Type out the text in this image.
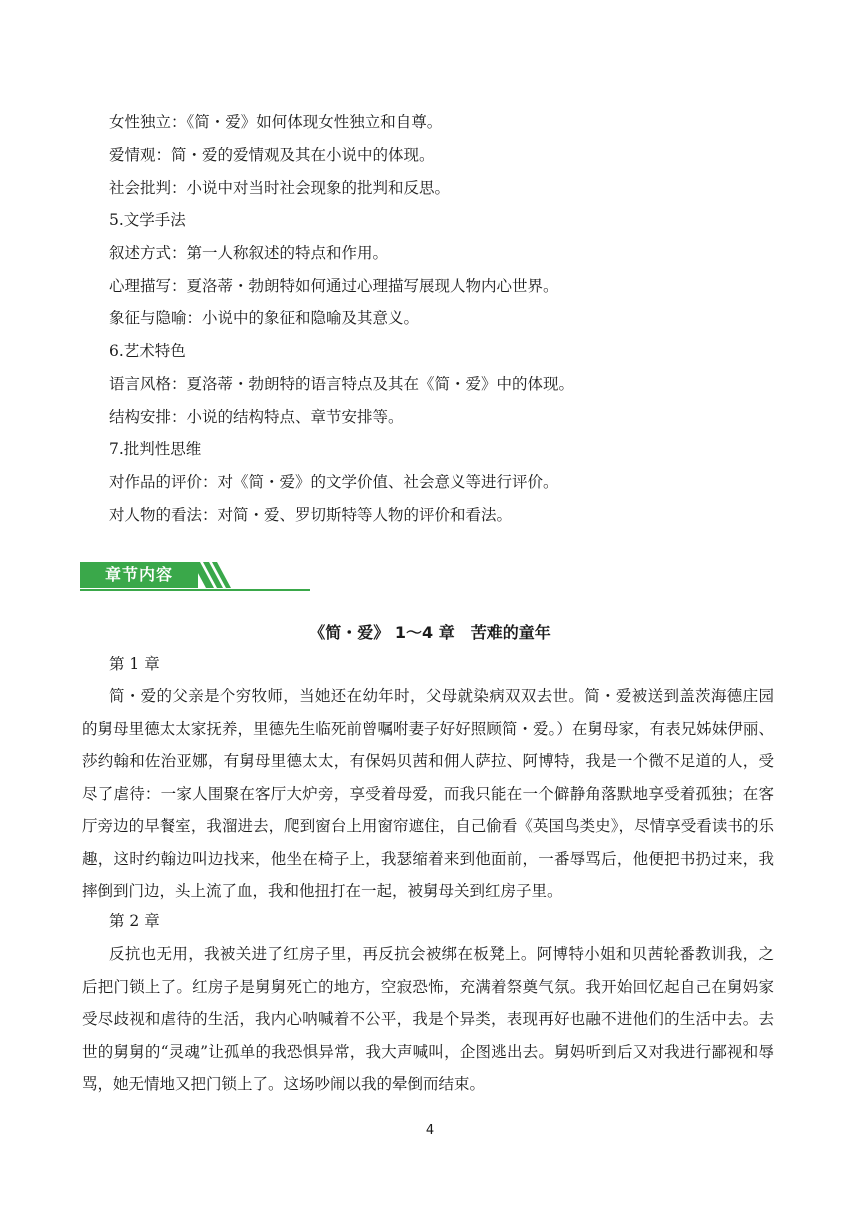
女性独立：《简・爱》如何体现女性独立和自尊。
爱情观：简・爱的爱情观及其在小说中的体现。
社会批判：小说中对当时社会现象的批判和反思。
5.文学手法
叙述方式：第一人称叙述的特点和作用。
心理描写：夏洛蒂・勃朗特如何通过心理描写展现人物内心世界。
象征与隐喻：小说中的象征和隐喻及其意义。
6.艺术特色
语言风格：夏洛蒂・勃朗特的语言特点及其在《简・爱》中的体现。
结构安排：小说的结构特点、章节安排等。
7.批判性思维
对作品的评价：对《简・爱》的文学价值、社会意义等进行评价。
对人物的看法：对简・爱、罗切斯特等人物的评价和看法。
章节内容
《简・爱》 1～4 章　苦难的童年
第 1 章
简・爱的父亲是个穷牧师，当她还在幼年时，父母就染病双双去世。简・爱被送到盖茨海德庄园的舅母里德太太家抚养，里德先生临死前曾嘱咐妻子好好照顾简・爱。）在舅母家，有表兄姊妹伊丽、莎约翰和佐治亚娜，有舅母里德太太，有保妈贝茜和佣人萨拉、阿博特，我是一个微不足道的人，受尽了虐待：一家人围聚在客厅大炉旁，享受着母爱，而我只能在一个僻静角落默地享受着孤独；在客厅旁边的早餐室，我溜进去，爬到窗台上用窗帘遮住，自己偷看《英国鸟类史》，尽情享受看读书的乐趣，这时约翰边叫边找来，他坐在椅子上，我瑟缩着来到他面前，一番辱骂后，他便把书扔过来，我摔倒到门边，头上流了血，我和他扭打在一起，被舅母关到红房子里。
第 2 章
反抗也无用，我被关进了红房子里，再反抗会被绑在板凳上。阿博特小姐和贝茜轮番教训我，之后把门锁上了。红房子是舅舅死亡的地方，空寂恐怖，充满着祭奠气氛。我开始回忆起自己在舅妈家受尽歧视和虐待的生活，我内心呐喊着不公平，我是个异类，表现再好也融不进他们的生活中去。去世的舅舅的“灵魂”让孤单的我恐惧异常，我大声喊叫，企图逃出去。舅妈听到后又对我进行鄙视和辱骂，她无情地又把门锁上了。这场吵闹以我的晕倒而结束。
4
